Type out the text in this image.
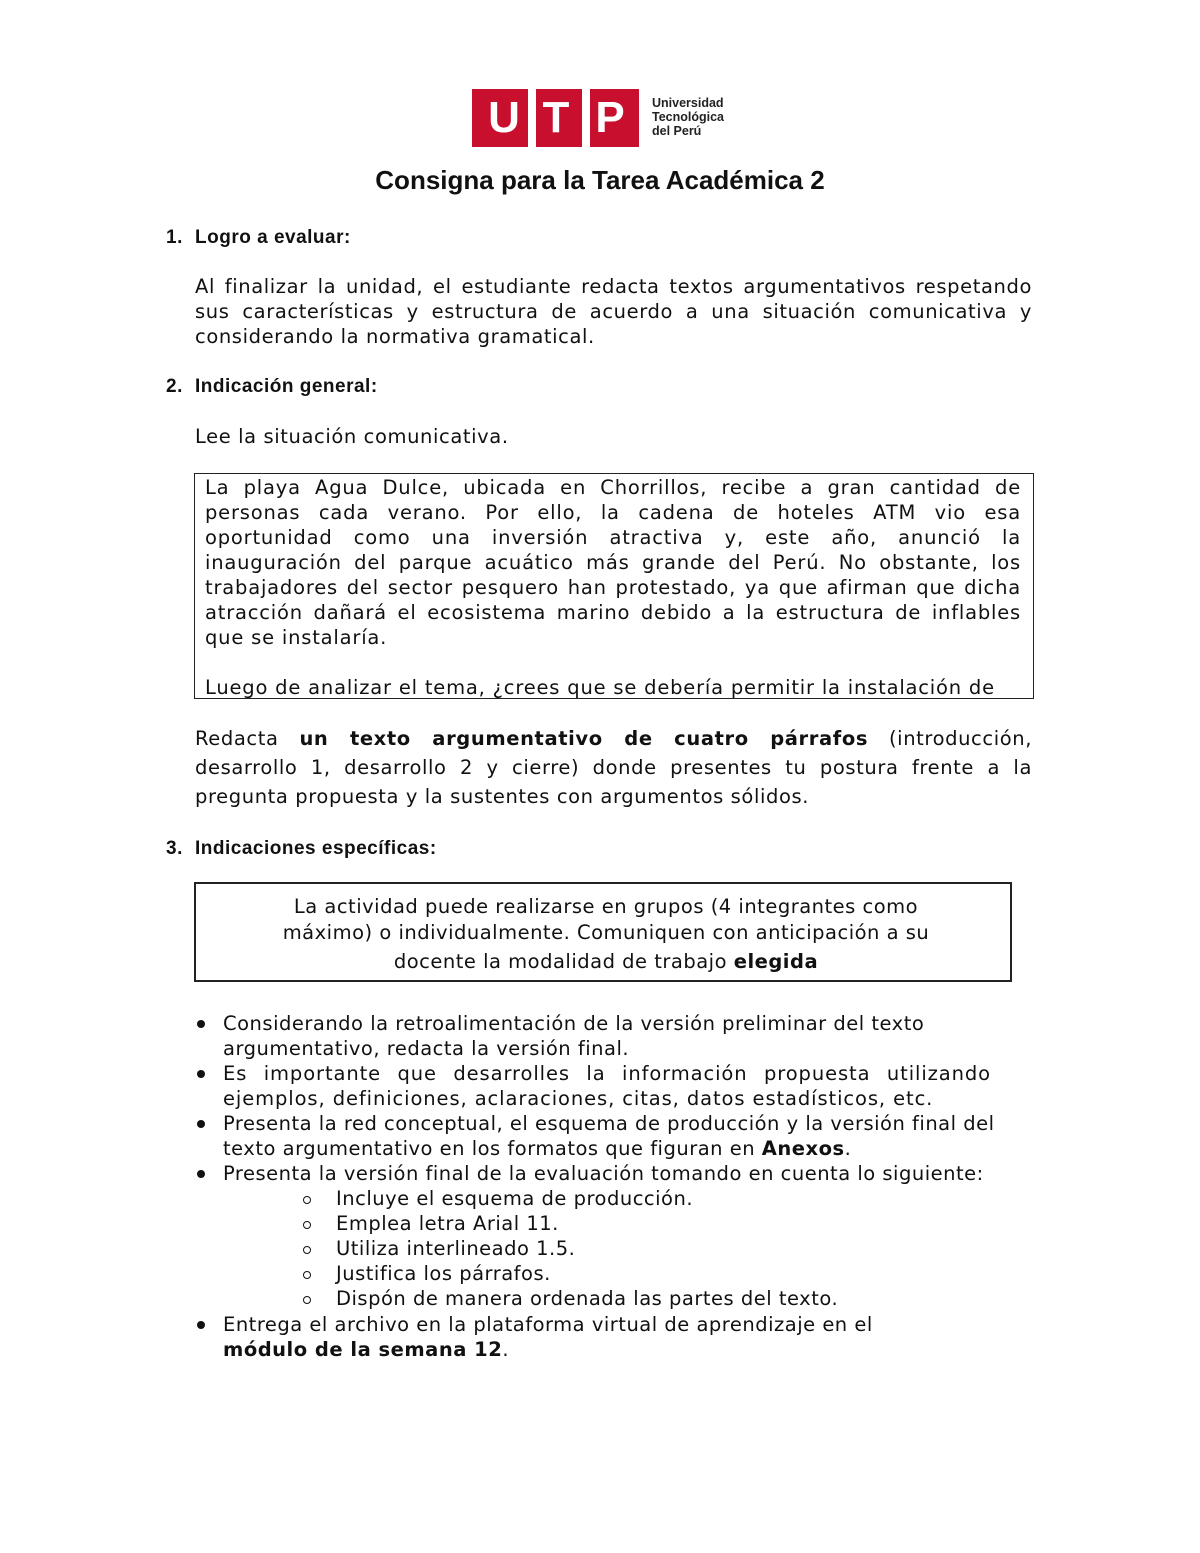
U T P	Universidad
Tecnológica
del Perú
Consigna para la Tarea Académica 2
1. Logro a evaluar:
Al finalizar la unidad, el estudiante redacta textos argumentativos respetando sus características y estructura de acuerdo a una situación comunicativa y considerando la normativa gramatical.
2. Indicación general:
Lee la situación comunicativa.
La playa Agua Dulce, ubicada en Chorrillos, recibe a gran cantidad de personas cada verano. Por ello, la cadena de hoteles ATM vio esa oportunidad como una inversión atractiva y, este año, anunció la inauguración del parque acuático más grande del Perú. No obstante, los trabajadores del sector pesquero han protestado, ya que afirman que dicha atracción dañará el ecosistema marino debido a la estructura de inflables que se instalaría.
Luego de analizar el tema, ¿crees que se debería permitir la instalación de
Redacta un texto argumentativo de cuatro párrafos (introducción, desarrollo 1, desarrollo 2 y cierre) donde presentes tu postura frente a la pregunta propuesta y la sustentes con argumentos sólidos.
3. Indicaciones específicas:
La actividad puede realizarse en grupos (4 integrantes como
máximo) o individualmente. Comuniquen con anticipación a su
docente la modalidad de trabajo elegida
Considerando la retroalimentación de la versión preliminar del texto argumentativo, redacta la versión final.
Es importante que desarrolles la información propuesta utilizando ejemplos, definiciones, aclaraciones, citas, datos estadísticos, etc.
Presenta la red conceptual, el esquema de producción y la versión final del texto argumentativo en los formatos que figuran en Anexos.
Presenta la versión final de la evaluación tomando en cuenta lo siguiente:
Incluye el esquema de producción.
Emplea letra Arial 11.
Utiliza interlineado 1.5.
Justifica los párrafos.
Dispón de manera ordenada las partes del texto.
Entrega el archivo en la plataforma virtual de aprendizaje en el módulo de la semana 12.
